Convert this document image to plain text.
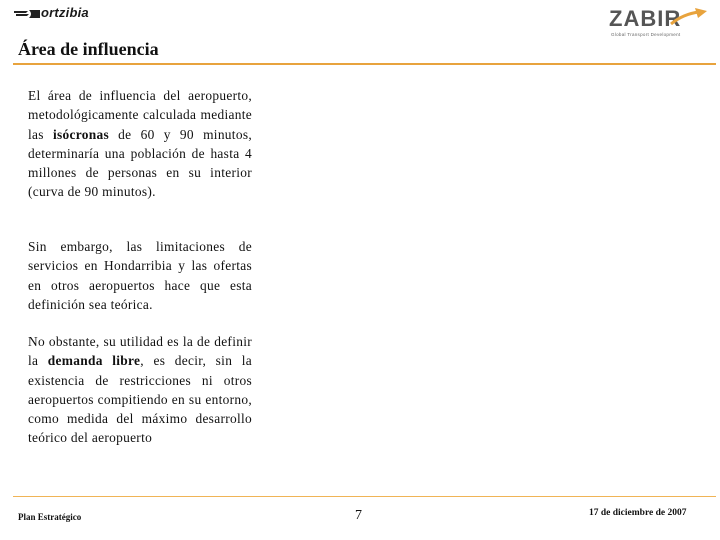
ortzibia	ZABIR
Global Transport Development
Área de influencia

El área de influencia del aeropuerto, metodológicamente calculada mediante las isócronas de 60 y 90 minutos, determinaría una población de hasta 4 millones de personas en su interior (curva de 90 minutos).

Sin embargo, las limitaciones de servicios en Hondarribia y las ofertas en otros aeropuertos hace que esta definición sea teórica.

No obstante, su utilidad es la de definir la demanda libre, es decir, sin la existencia de restricciones ni otros aeropuertos compitiendo en su entorno, como medida del máximo desarrollo teórico del aeropuerto

Plan Estratégico	7	17 de diciembre de 2007
